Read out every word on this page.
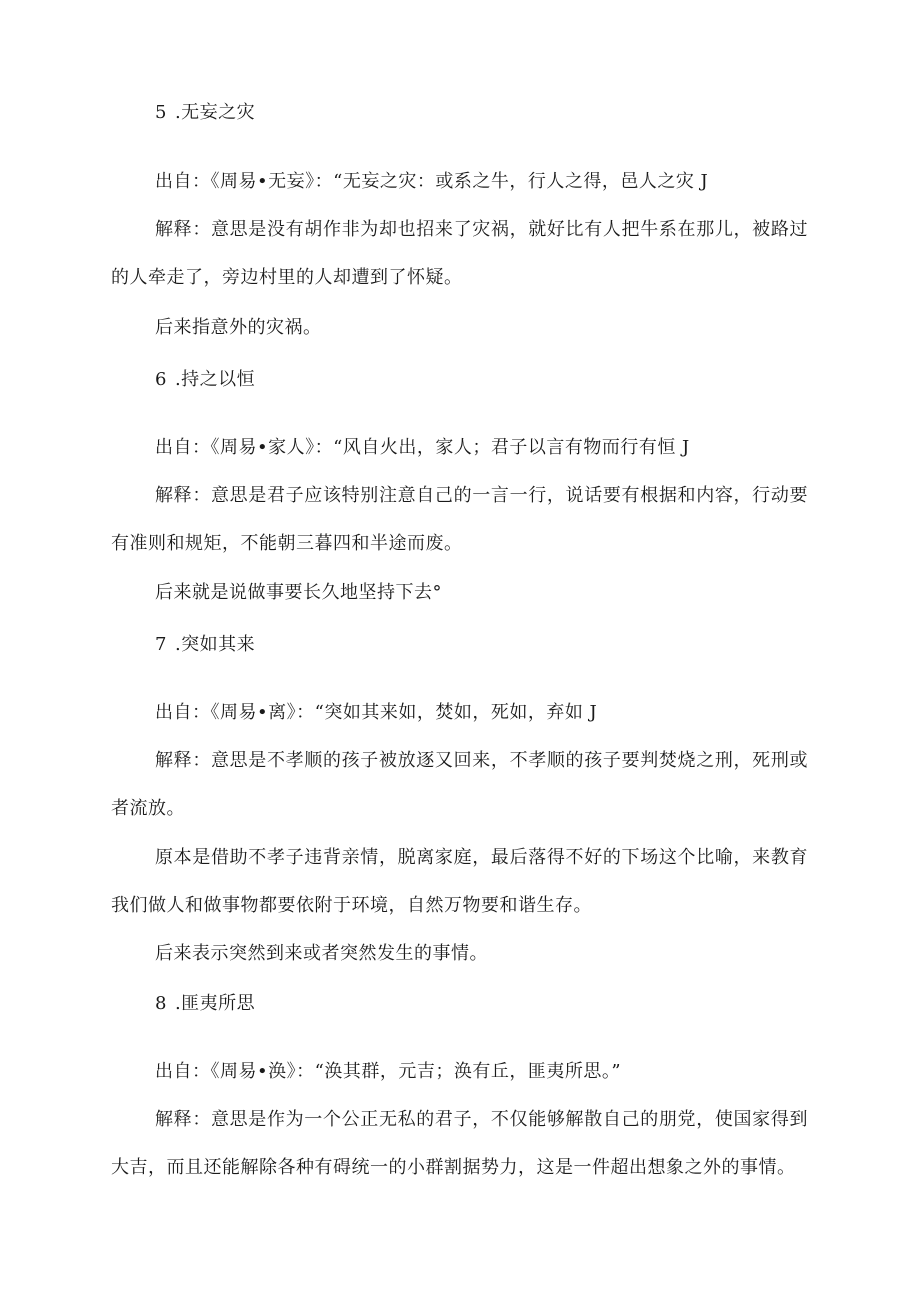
5 .无妄之灾
出自：《周易•无妄》：“无妄之灾：或系之牛，行人之得，邑人之灾 J
解释：意思是没有胡作非为却也招来了灾祸，就好比有人把牛系在那儿，被路过
的人牵走了，旁边村里的人却遭到了怀疑。
后来指意外的灾祸。
6 .持之以恒
出自：《周易•家人》：“风自火出，家人；君子以言有物而行有恒 J
解释：意思是君子应该特别注意自己的一言一行，说话要有根据和内容，行动要
有准则和规矩，不能朝三暮四和半途而废。
后来就是说做事要长久地坚持下去°
7 .突如其来
出自：《周易•离》：“突如其来如，焚如，死如，弃如 J
解释：意思是不孝顺的孩子被放逐又回来，不孝顺的孩子要判焚烧之刑，死刑或
者流放。
原本是借助不孝子违背亲情，脱离家庭，最后落得不好的下场这个比喻，来教育
我们做人和做事物都要依附于环境，自然万物要和谐生存。
后来表示突然到来或者突然发生的事情。
8 .匪夷所思
出自：《周易•涣》：“涣其群，元吉；涣有丘，匪夷所思。”
解释：意思是作为一个公正无私的君子，不仅能够解散自己的朋党，使国家得到
大吉，而且还能解除各种有碍统一的小群割据势力，这是一件超出想象之外的事情。
